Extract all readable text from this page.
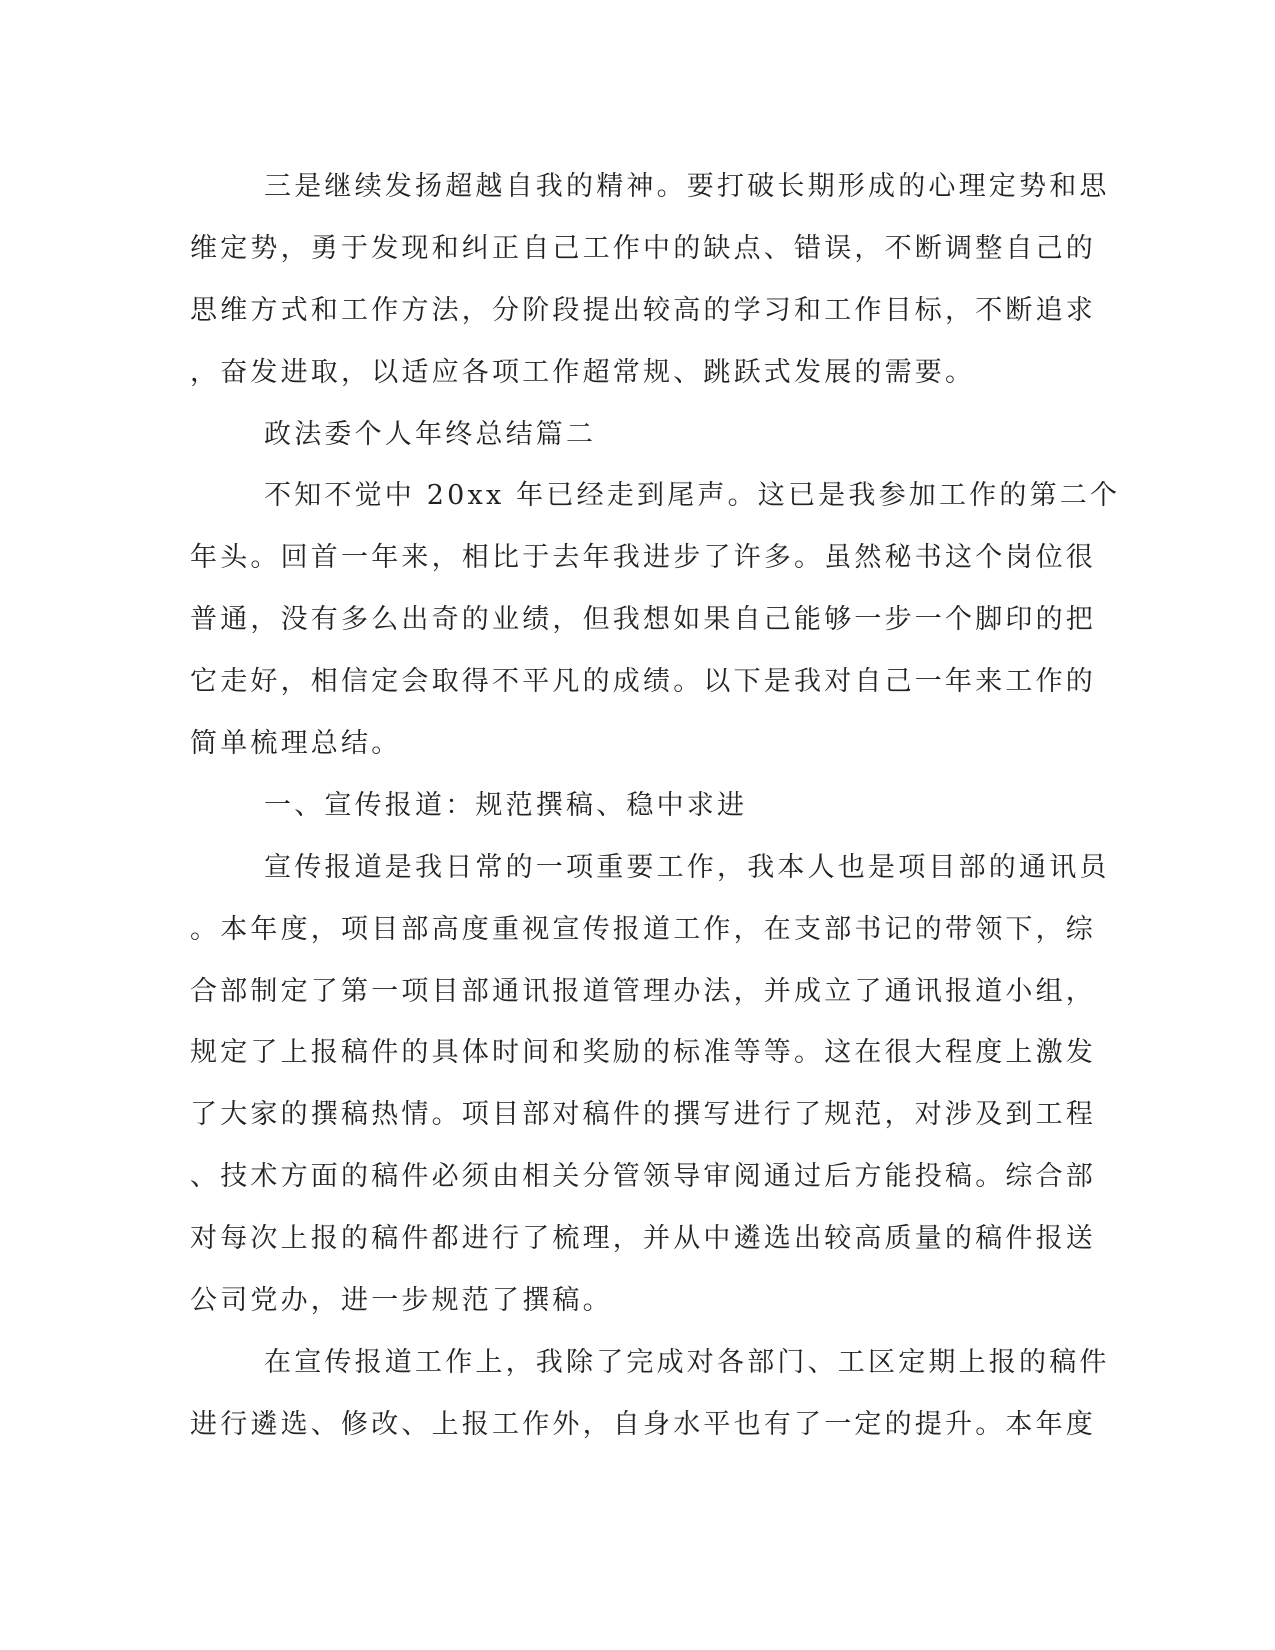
三是继续发扬超越自我的精神。要打破长期形成的心理定势和思
维定势，勇于发现和纠正自己工作中的缺点、错误，不断调整自己的
思维方式和工作方法，分阶段提出较高的学习和工作目标，不断追求
，奋发进取，以适应各项工作超常规、跳跃式发展的需要。
政法委个人年终总结篇二
不知不觉中 20xx 年已经走到尾声。这已是我参加工作的第二个
年头。回首一年来，相比于去年我进步了许多。虽然秘书这个岗位很
普通，没有多么出奇的业绩，但我想如果自己能够一步一个脚印的把
它走好，相信定会取得不平凡的成绩。以下是我对自己一年来工作的
简单梳理总结。
一、宣传报道：规范撰稿、稳中求进
宣传报道是我日常的一项重要工作，我本人也是项目部的通讯员
。本年度，项目部高度重视宣传报道工作，在支部书记的带领下，综
合部制定了第一项目部通讯报道管理办法，并成立了通讯报道小组，
规定了上报稿件的具体时间和奖励的标准等等。这在很大程度上激发
了大家的撰稿热情。项目部对稿件的撰写进行了规范，对涉及到工程
、技术方面的稿件必须由相关分管领导审阅通过后方能投稿。综合部
对每次上报的稿件都进行了梳理，并从中遴选出较高质量的稿件报送
公司党办，进一步规范了撰稿。
在宣传报道工作上，我除了完成对各部门、工区定期上报的稿件
进行遴选、修改、上报工作外，自身水平也有了一定的提升。本年度
